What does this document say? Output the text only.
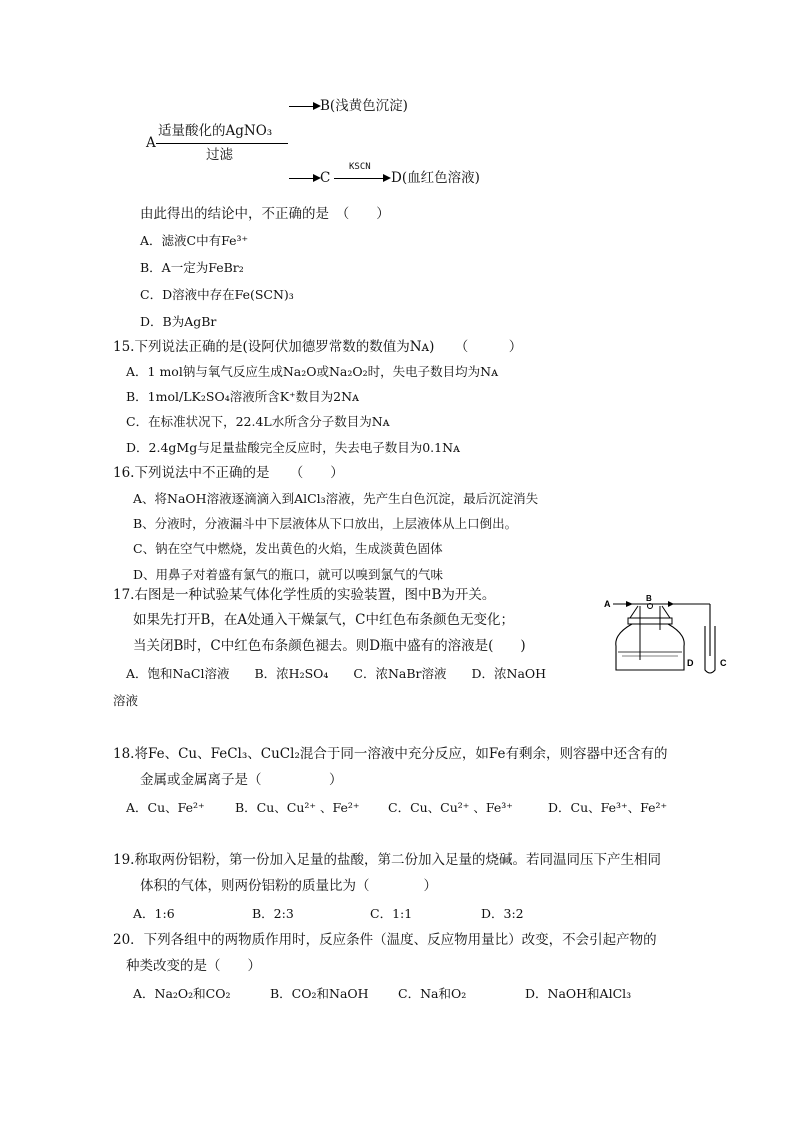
B(浅黄色沉淀)
A
适量酸化的AgNO₃
过滤
C
KSCN
D(血红色溶液)
由此得出的结论中，不正确的是　（　　）
A．滤液C中有Fe³⁺
B．A一定为FeBr₂
C．D溶液中存在Fe(SCN)₃
D．B为AgBr
15.下列说法正确的是(设阿伏加德罗常数的数值为Nᴀ)　　（　　　）
A．1 mol钠与氧气反应生成Na₂O或Na₂O₂时，失电子数目均为Nᴀ
B．1mol/LK₂SO₄溶液所含K⁺数目为2Nᴀ
C．在标准状况下，22.4L水所含分子数目为Nᴀ
D．2.4gMg与足量盐酸完全反应时，失去电子数目为0.1Nᴀ
16.下列说法中不正确的是　　（　　）
A、将NaOH溶液逐滴滴入到AlCl₃溶液，先产生白色沉淀，最后沉淀消失
B、分液时，分液漏斗中下层液体从下口放出，上层液体从上口倒出。
C、钠在空气中燃烧，发出黄色的火焰，生成淡黄色固体
D、用鼻子对着盛有氯气的瓶口，就可以嗅到氯气的气味
17.右图是一种试验某气体化学性质的实验装置，图中B为开关。
如果先打开B，在A处通入干燥氯气，C中红色布条颜色无变化；
当关闭B时，C中红色布条颜色褪去。则D瓶中盛有的溶液是(　　)
A．饱和NaCl溶液　　B．浓H₂SO₄　　C．浓NaBr溶液　　D．浓NaOH
溶液
A
B
D	C
18.将Fe、Cu、FeCl₃、CuCl₂混合于同一溶液中充分反应，如Fe有剩余，则容器中还含有的
金属或金属离子是（　　　　　）
A．Cu、Fe²⁺ B．Cu、Cu²⁺ 、Fe²⁺ C．Cu、Cu²⁺ 、Fe³⁺	D．Cu、Fe³⁺、Fe²⁺
19.称取两份铝粉，第一份加入足量的盐酸，第二份加入足量的烧碱。若同温同压下产生相同
体积的气体，则两份铝粉的质量比为（　　　　）
A．1:6	B．2:3	C．1:1	D．3:2
20．下列各组中的两物质作用时，反应条件（温度、反应物用量比）改变，不会引起产物的
种类改变的是（　　）
A．Na₂O₂和CO₂	B．CO₂和NaOH C．Na和O₂	D．NaOH和AlCl₃
